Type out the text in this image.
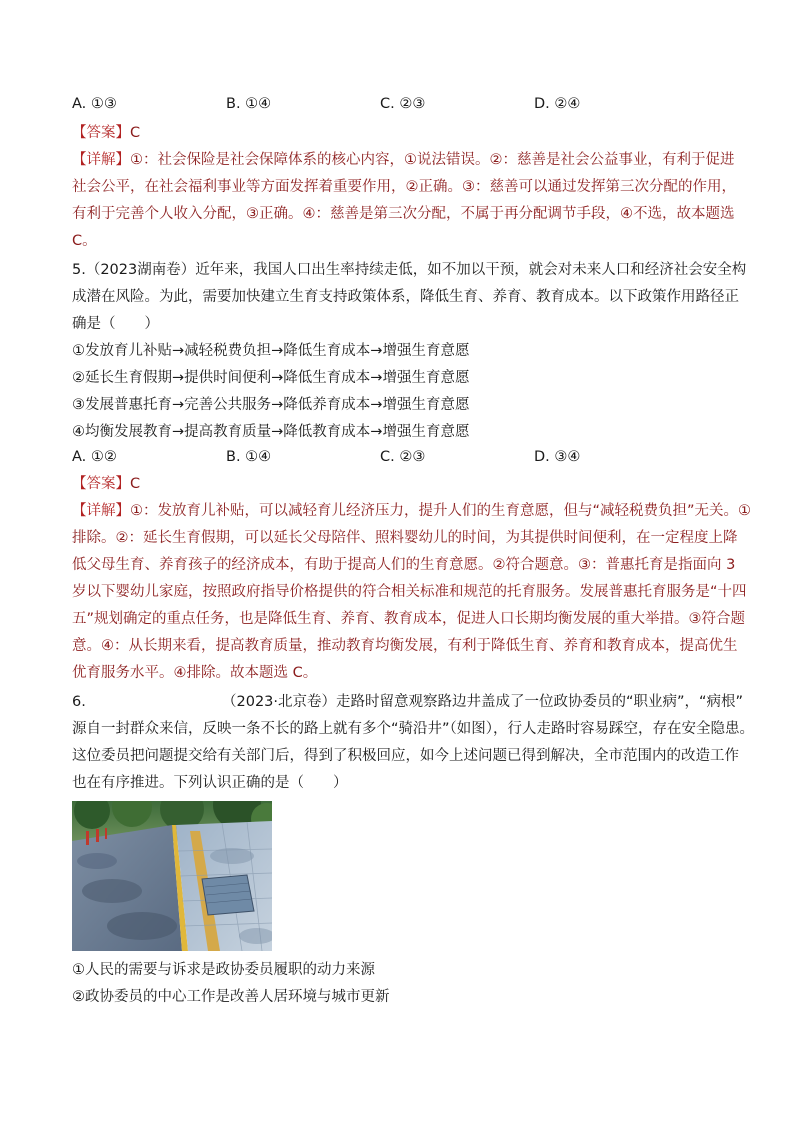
A. ①③	B. ①④	C. ②③	D. ②④
【答案】C
【详解】①：社会保险是社会保障体系的核心内容，①说法错误。②：慈善是社会公益事业，有利于促进
社会公平，在社会福利事业等方面发挥着重要作用，②正确。③：慈善可以通过发挥第三次分配的作用，
有利于完善个人收入分配，③正确。④：慈善是第三次分配，不属于再分配调节手段，④不选，故本题选
C。
5.（2023湖南卷）近年来，我国人口出生率持续走低，如不加以干预，就会对未来人口和经济社会安全构
成潜在风险。为此，需要加快建立生育支持政策体系，降低生育、养育、教育成本。以下政策作用路径正
确是（　　）
①发放育儿补贴→减轻税费负担→降低生育成本→增强生育意愿
②延长生育假期→提供时间便利→降低生育成本→增强生育意愿
③发展普惠托育→完善公共服务→降低养育成本→增强生育意愿
④均衡发展教育→提高教育质量→降低教育成本→增强生育意愿
A. ①②	B. ①④	C. ②③	D. ③④
【答案】C
【详解】①：发放育儿补贴，可以减轻育儿经济压力，提升人们的生育意愿，但与“减轻税费负担”无关。①
排除。②：延长生育假期，可以延长父母陪伴、照料婴幼儿的时间，为其提供时间便利，在一定程度上降
低父母生育、养育孩子的经济成本，有助于提高人们的生育意愿。②符合题意。③：普惠托育是指面向 3
岁以下婴幼儿家庭，按照政府指导价格提供的符合相关标准和规范的托育服务。发展普惠托育服务是“十四
五”规划确定的重点任务，也是降低生育、养育、教育成本，促进人口长期均衡发展的重大举措。③符合题
意。④：从长期来看，提高教育质量，推动教育均衡发展，有利于降低生育、养育和教育成本，提高优生
优育服务水平。④排除。故本题选 C。
6.	（2023·北京卷）走路时留意观察路边井盖成了一位政协委员的“职业病”，“病根”
源自一封群众来信，反映一条不长的路上就有多个“骑沿井”（如图），行人走路时容易踩空，存在安全隐患。
这位委员把问题提交给有关部门后，得到了积极回应，如今上述问题已得到解决，全市范围内的改造工作
也在有序推进。下列认识正确的是（　　）
①人民的需要与诉求是政协委员履职的动力来源
②政协委员的中心工作是改善人居环境与城市更新
